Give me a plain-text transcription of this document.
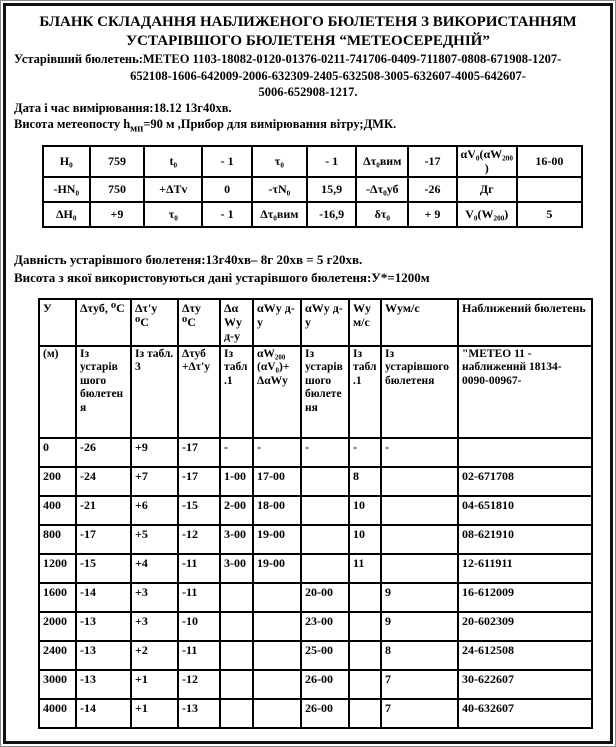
БЛАНК СКЛАДАННЯ НАБЛИЖЕНОГО БЮЛЕТЕНЯ З ВИКОРИСТАННЯМ
УСТАРІВШОГО БЮЛЕТЕНЯ “МЕТЕОСЕРЕДНІЙ”
Устарівший бюлетень:МЕТЕО 1103-18082-0120-01376-0211-741706-0409-711807-0808-671908-1207-
652108-1606-642009-2006-632309-2405-632508-3005-632607-4005-642607-
5006-652908-1217.
Дата і час вимірювання:18.12 13г40хв.
Висота метеопосту $h_{мп}=90$ м ,Прибор для вимірювання вітру;ДМК.
Н₀	759	t₀	- 1	τ₀	- 1	Δτ₀вим	-17	αV₀(αW₂₀₀)	16-00
-НN₀	750	+ΔТv	0	-τN₀	15,9	-Δτ₀уб	-26	Дг	
ΔН₀	+9	τ₀	- 1	Δτ₀вим	-16,9	δτ₀	+ 9	V₀(W₂₀₀)	5
Давність устарівшого бюлетеня:13г40хв– 8г 20хв = 5 г20хв.
Висота з якої використовуються дані устарівшого бюлетеня:У*=1200м
У	Δτуб, ⁰С	Δτ'у ⁰С	Δτу ⁰С	Δα Wу д-у	αWу д-у	αWу д-у	Wу м/с	Wум/с	Наближений бюлетень
(м)	Із устарівшого бюлетеня	Із табл. 3	Δτуб +Δτ'у	Із табл.1	αW₂₀₀ (αV₀)+ ΔαWу	Із устарівшого бюлетеня	Із табл.1	Із устарівшого бюлетеня	"МЕТЕО 11 - наближений 18134-0090-00967-
0	-26	+9	-17	-	-	-	-	-	
200	-24	+7	-17	1-00	17-00		8		02-671708
400	-21	+6	-15	2-00	18-00		10		04-651810
800	-17	+5	-12	3-00	19-00		10		08-621910
1200	-15	+4	-11	3-00	19-00		11		12-611911
1600	-14	+3	-11			20-00		9	16-612009
2000	-13	+3	-10			23-00		9	20-602309
2400	-13	+2	-11			25-00		8	24-612508
3000	-13	+1	-12			26-00		7	30-622607
4000	-14	+1	-13			26-00		7	40-632607
